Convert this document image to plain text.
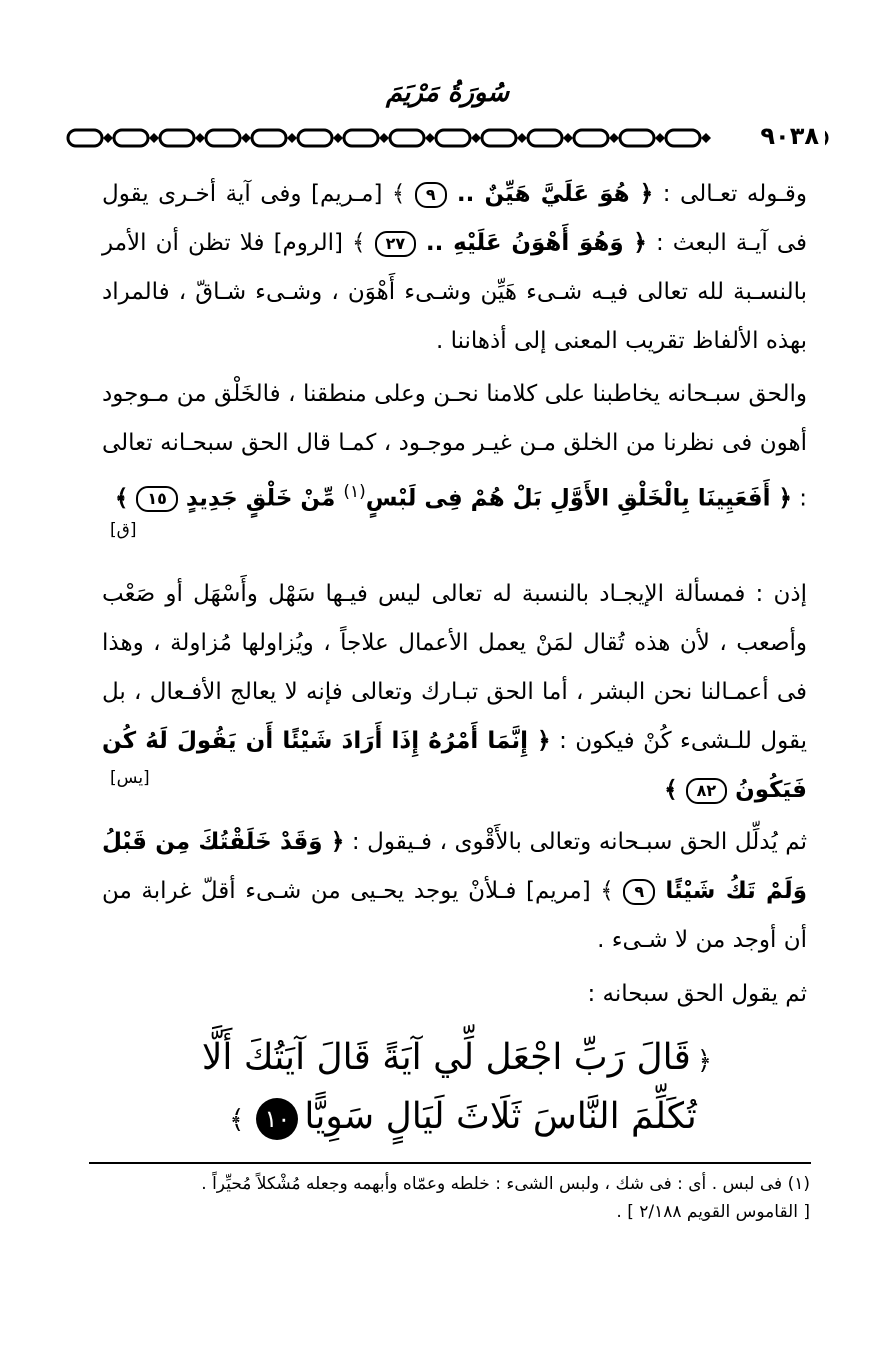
سُورَةُ مَرْيَمَ
٩٠٣٨
وقـوله تعـالى : ﴿ هُوَ عَلَيَّ هَيِّنٌ .. ٩ ﴾ [مـريم] وفى آية أخـرى يقول فى آيـة البعث : ﴿ وَهُوَ أَهْوَنُ عَلَيْهِ .. ٢٧ ﴾ [الروم] فلا تظن أن الأمر بالنسـبة لله تعالى فيـه شـىء هَيِّن وشـىء أَهْوَن ، وشـىء شـاقّ ، فالمراد بهذه الألفاظ تقريب المعنى إلى أذهاننا .
والحق سبـحانه يخاطبنا على كلامنا نحـن وعلى منطقنا ، فالخَلْق من مـوجود أهون فى نظرنا من الخلق مـن غيـر موجـود ، كمـا قال الحق سبحـانه تعالى : ﴿ أَفَعَيِينَا بِالْخَلْقِ الأَوَّلِ بَلْ هُمْ فِى لَبْسٍ$^{(١)}$ مِّنْ خَلْقٍ جَدِيدٍ ١٥ ﴾
[ق]
إذن : فمسألة الإيجـاد بالنسبة له تعالى ليس فيـها سَهْل وأَسْهَل أو صَعْب وأصعب ، لأن هذه تُقال لمَنْ يعمل الأعمال علاجاً ، ويُزاولها مُزاولة ، وهذا فى أعمـالنا نحن البشر ، أما الحق تبـارك وتعالى فإنه لا يعالج الأفـعال ، بل يقول للـشىء كُنْ فيكون : ﴿ إِنَّمَا أَمْرُهُ إِذَا أَرَادَ شَيْئًا أَن يَقُولَ لَهُ كُن فَيَكُونُ ٨٢ ﴾
[يس]
ثم يُدلِّل الحق سبـحانه وتعالى بالأَقْوى ، فـيقول : ﴿ وَقَدْ خَلَقْتُكَ مِن قَبْلُ وَلَمْ تَكُ شَيْئًا ٩ ﴾ [مريم] فـلأنْ يوجد يحـيى من شـىء أقلّ غرابة من أن أوجد من لا شـىء .
ثم يقول الحق سبحانه :
﴿قَالَ رَبِّ اجْعَل لِّي آيَةً قَالَ آيَتُكَ أَلَّا
تُكَلِّمَ النَّاسَ ثَلَاثَ لَيَالٍ سَوِيًّا١٠﴾
(١) فى لبس . أى : فى شك ، ولبس الشىء : خلطه وعمّاه وأبهمه وجعله مُشْكلاً مُحيِّراً .
[ القاموس القويم ٢/١٨٨ ] .
